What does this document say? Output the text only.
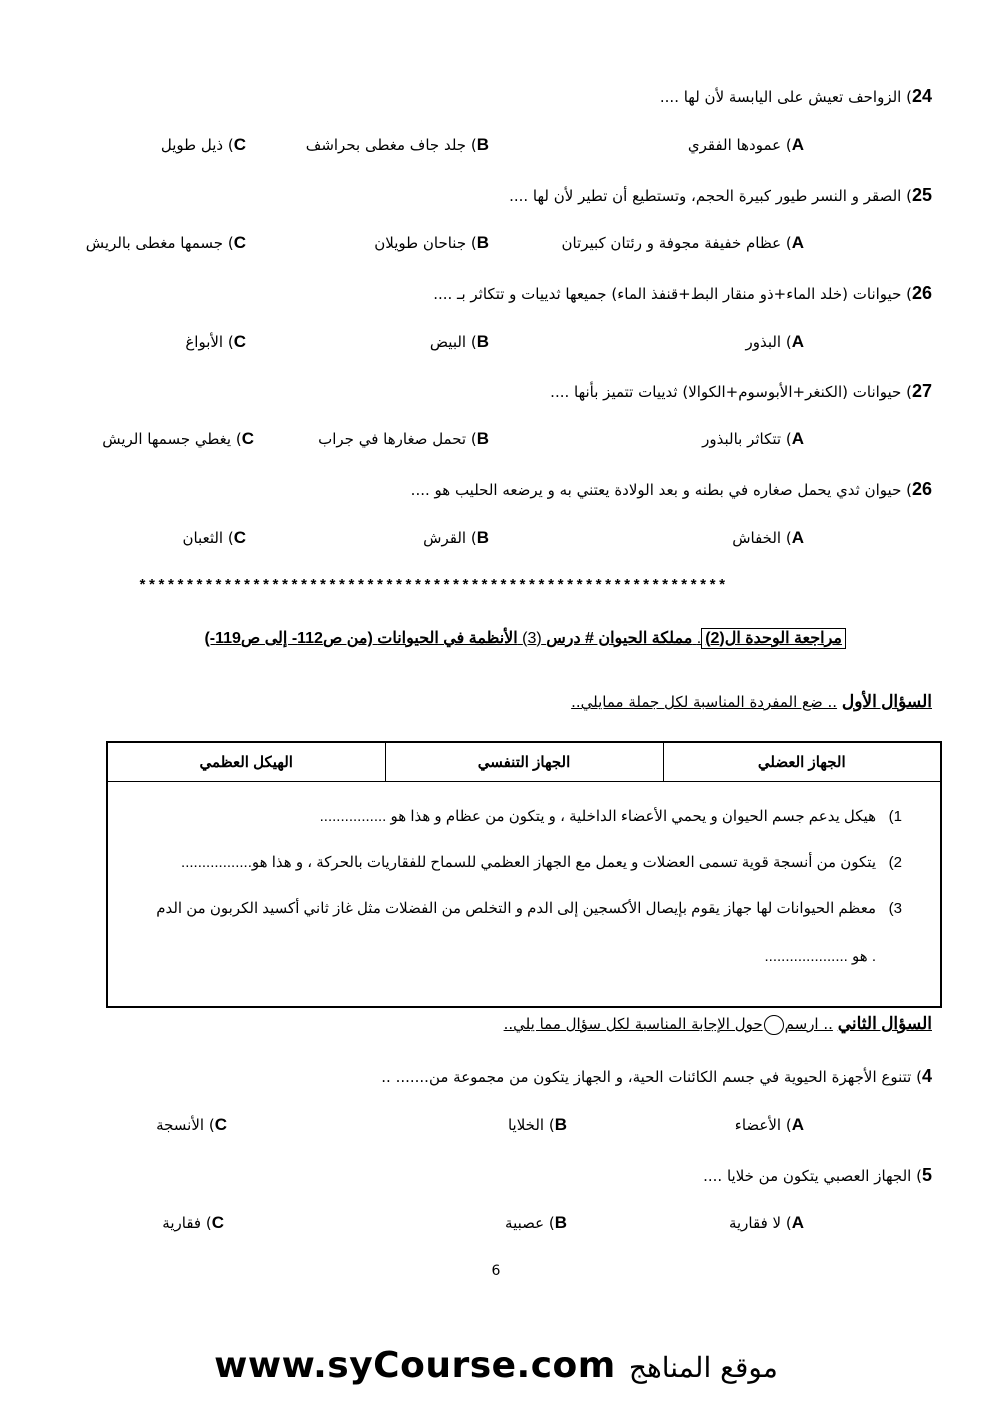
24) الزواحف تعيش على اليابسة لأن لها ....
A) عمودها الفقري
B) جلد جاف مغطى بحراشف
C) ذيل طويل
25) الصقر و النسر طيور كبيرة الحجم، وتستطيع أن تطير لأن لها ....
A) عظام خفيفة مجوفة و رئتان كبيرتان
B) جناحان طويلان
C) جسمها مغطى بالريش
26) حيوانات (خلد الماء+ذو منقار البط+قنفذ الماء) جميعها ثدييات و تتكاثر بـ ....
A) البذور
B) البيض
C) الأبواغ
27) حيوانات (الكنغر+الأبوسوم+الكوالا) ثدييات تتميز بأنها ....
A) تتكاثر بالبذور
B) تحمل صغارها في جراب
C) يغطي جسمها الريش
26) حيوان ثدي يحمل صغاره في بطنه و بعد الولادة يعتني به و يرضعه الحليب هو ....
A) الخفاش
B) القرش
C) الثعبان
**************************************************************
مراجعة الوحدة ال(2). مملكة الحيوان # درس (3) الأنظمة في الحيوانات (من ص112- إلى ص119-)
السؤال الأول .. ضع المفردة المناسبة لكل جملة ممايلي..
الجهاز العضلي	الجهاز التنفسي	الهيكل العظمي

1)هيكل يدعم جسم الحيوان و يحمي الأعضاء الداخلية ، و يتكون من عظام و هذا هو ................
2)يتكون من أنسجة قوية تسمى العضلات و يعمل مع الجهاز العظمي للسماح للفقاريات بالحركة ، و هذا هو.................
3)معظم الحيوانات لها جهاز يقوم بإيصال الأكسجين إلى الدم و التخلص من الفضلات مثل غاز ثاني أكسيد الكربون من الدم
. هو ....................
السؤال الثاني .. ارسمحول الإجابة المناسبة لكل سؤال مما يلي..
4) تتنوع الأجهزة الحيوية في جسم الكائنات الحية، و الجهاز يتكون من مجموعة من....... ..
A) الأعضاء
B) الخلايا
C) الأنسجة
5) الجهاز العصبي يتكون من خلايا ....
A) لا فقارية
B) عصبية
C) فقارية
6
www.syCourse.com موقع المناهج
